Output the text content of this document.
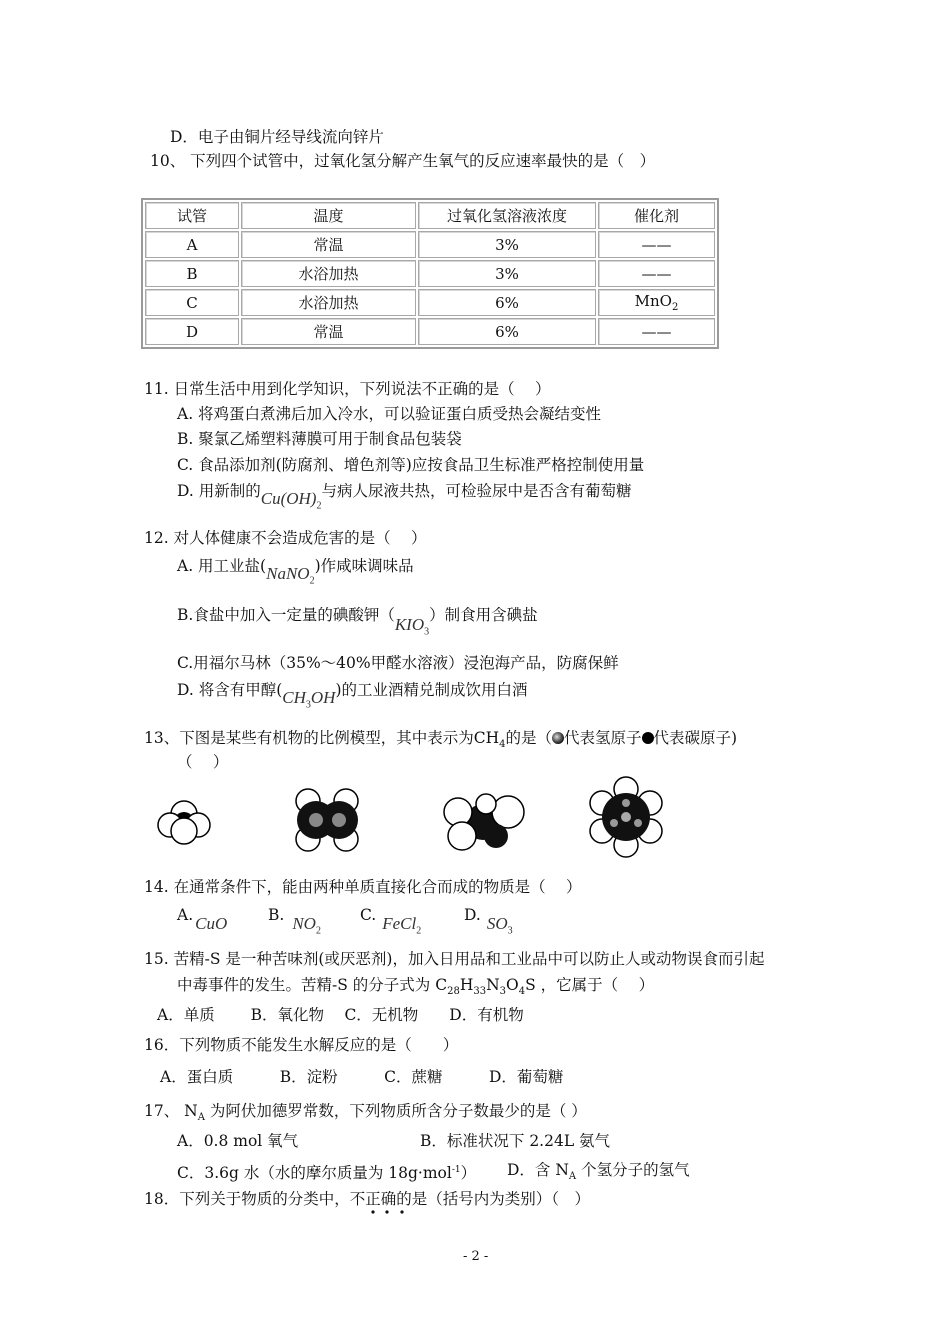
D．电子由铜片经导线流向锌片
10、 下列四个试管中，过氧化氢分解产生氧气的反应速率最快的是（　）
试管	温度	过氧化氢溶液浓度	催化剂
A	常温	3%	——
B	水浴加热	3%	——
C	水浴加热	6%	MnO$_2$
D	常温	6%	——
11. 日常生活中用到化学知识，下列说法不正确的是（　 ）
A. 将鸡蛋白煮沸后加入冷水，可以验证蛋白质受热会凝结变性
B. 聚氯乙烯塑料薄膜可用于制食品包装袋
C. 食品添加剂(防腐剂、增色剂等)应按食品卫生标准严格控制使用量
D. 用新制的$Cu(OH)_2$与病人尿液共热，可检验尿中是否含有葡萄糖
12. 对人体健康不会造成危害的是（　 ）
A. 用工业盐(NaNO$_2$)作咸味调味品
B.食盐中加入一定量的碘酸钾$(KIO_3)$制食用含碘盐
C.用福尔马林（35%～40%甲醛水溶液）浸泡海产品，防腐保鲜
D. 将含有甲醇$(CH_3OH)$的工业酒精兑制成饮用白酒
13、下图是某些有机物的比例模型，其中表示为$CH_4$的是（ 代表氢原子 代表碳原子)
（　 ）
14. 在通常条件下，能由两种单质直接化合而成的物质是（　 ）
A. CuO	B. $NO_2$
C. FeCl$_2$
D. $SO_3$
15. 苦精-S 是一种苦味剂(或厌恶剂)，加入日用品和工业品中可以防止人或动物误食而引起
中毒事件的发生。苦精-S 的分子式为 $C_{28}H_{33}N_3O_4S$ ，它属于（　 ）
A．单质　　 B．氧化物　 C．无机物　　D．有机物
16．下列物质不能发生水解反应的是（　　）
A．蛋白质　　　B．淀粉　　　C．蔗糖　　　D．葡萄糖
17、 $N_A$ 为阿伏加德罗常数，下列物质所含分子数最少的是（ ）
A．0.8 mol 氧气	B．标准状况下 2.24L 氨气
C．3.6g 水（水的摩尔质量为 18g·mol$^{-1}$） D．含 $N_A$ 个氢分子的氢气
18．下列关于物质的分类中，不正确的是（括号内为类别）（　）
- 2 -
